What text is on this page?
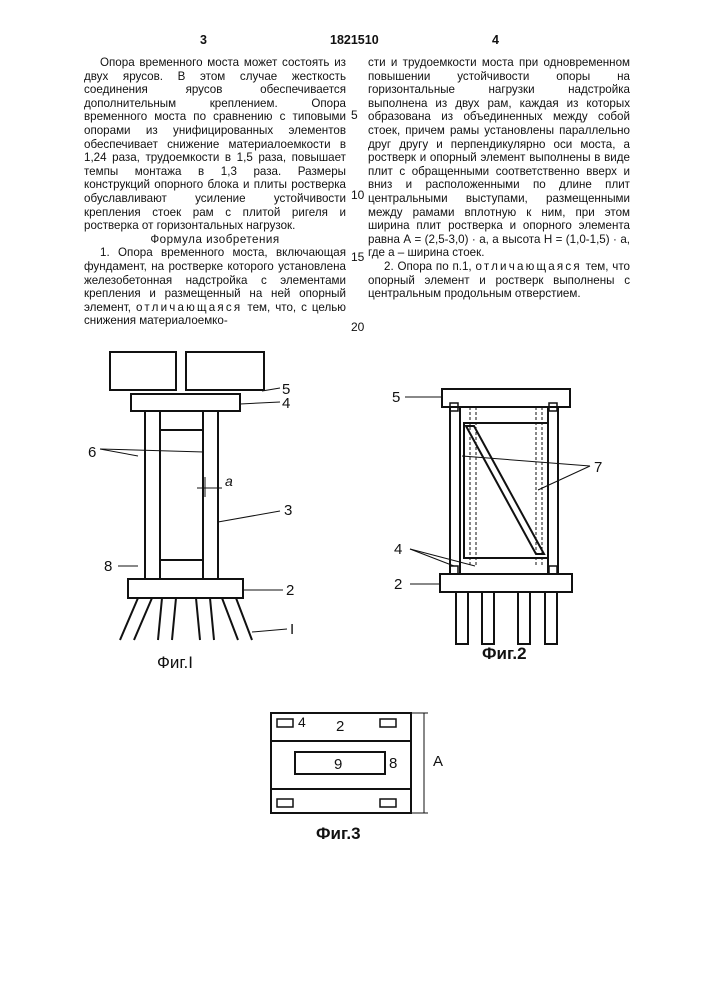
3	1821510	4

Опора временного моста может состоять из двух ярусов. В этом случае жесткость соединения ярусов обеспечивается дополнительным креплением. Опора временного моста по сравнению с типовыми опорами из унифицированных элементов обеспечивает снижение материалоемкости в 1,24 раза, трудоемкости в 1,5 раза, повышает темпы монтажа в 1,3 раза. Размеры конструкций опорного блока и плиты ростверка обуславливают усиление устойчивости крепления стоек рам с плитой ригеля и ростверка от горизонтальных нагрузок.

Формула изобретения

1. Опора временного моста, включающая фундамент, на ростверке которого установлена железобетонная надстройка с элементами крепления и размещенный на ней опорный элемент, отличающаяся тем, что, с целью снижения материалоемко-

сти и трудоемкости моста при одновременном повышении устойчивости опоры на горизонтальные нагрузки надстройка выполнена из двух рам, каждая из которых образована из объединенных между собой стоек, причем рамы установлены параллельно друг другу и перпендикулярно оси моста, а ростверк и опорный элемент выполнены в виде плит с обращенными соответственно вверх и вниз и расположенными по длине плит центральными выступами, размещенными между рамами вплотную к ним, при этом ширина плит ростверка и опорного элемента равна А = (2,5-3,0) · а, а высота Н = (1,0-1,5) · а, где а – ширина стоек.

2. Опора по п.1, отличающаяся тем, что опорный элемент и ростверк выполнены с центральным продольным отверстием.

5
10
15
20
5
4
6
a
3
8
2
I
Фиг.I
5
7
4
2
Фиг.2
4 2
9	8 A
Фиг.3
